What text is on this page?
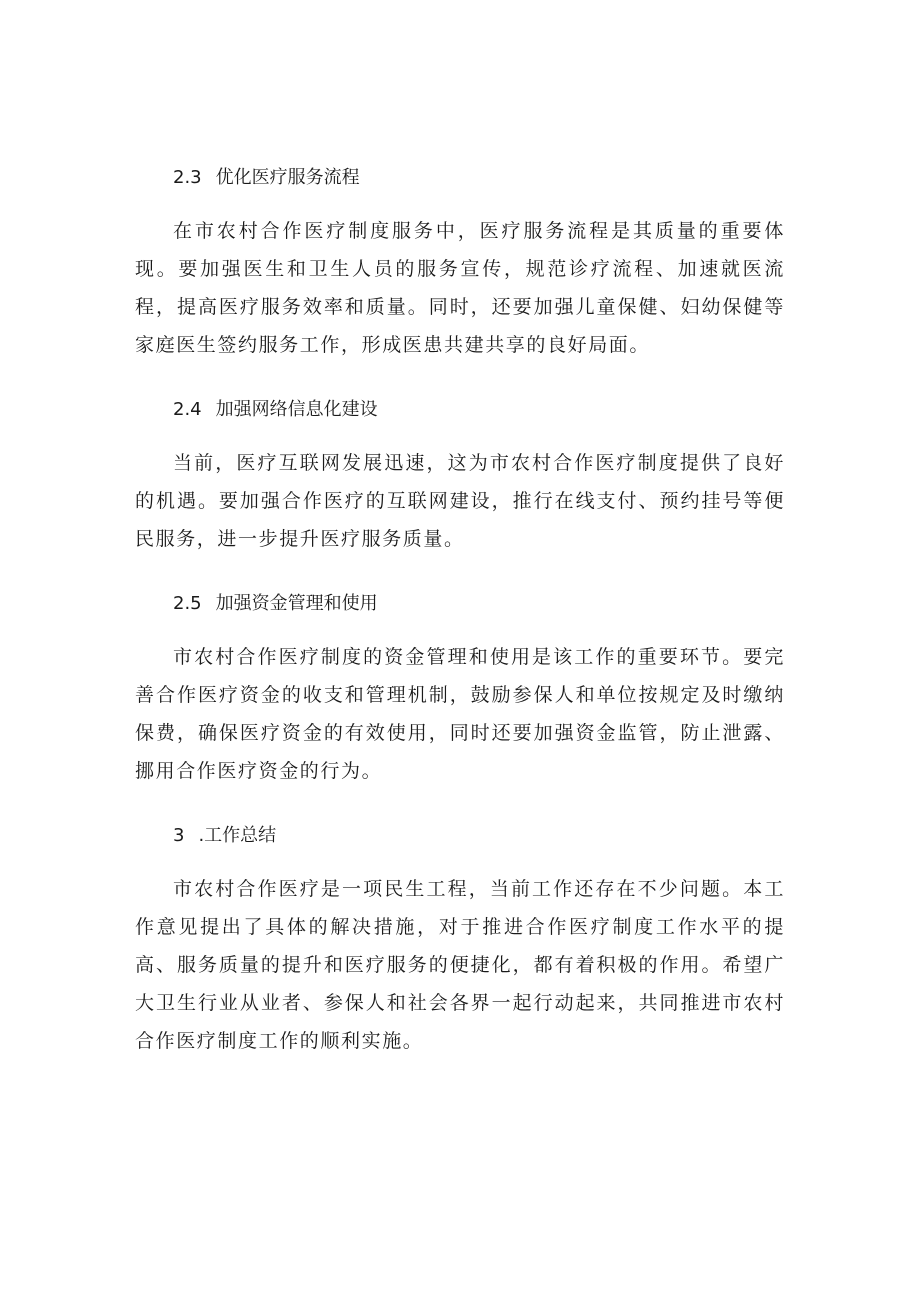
2.3 优化医疗服务流程

在市农村合作医疗制度服务中，医疗服务流程是其质量的重要体现。要加强医生和卫生人员的服务宣传，规范诊疗流程、加速就医流程，提高医疗服务效率和质量。同时，还要加强儿童保健、妇幼保健等家庭医生签约服务工作，形成医患共建共享的良好局面。

2.4 加强网络信息化建设

当前，医疗互联网发展迅速，这为市农村合作医疗制度提供了良好的机遇。要加强合作医疗的互联网建设，推行在线支付、预约挂号等便民服务，进一步提升医疗服务质量。

2.5 加强资金管理和使用

市农村合作医疗制度的资金管理和使用是该工作的重要环节。要完善合作医疗资金的收支和管理机制，鼓励参保人和单位按规定及时缴纳保费，确保医疗资金的有效使用，同时还要加强资金监管，防止泄露、挪用合作医疗资金的行为。

3 .工作总结

市农村合作医疗是一项民生工程，当前工作还存在不少问题。本工作意见提出了具体的解决措施，对于推进合作医疗制度工作水平的提高、服务质量的提升和医疗服务的便捷化，都有着积极的作用。希望广大卫生行业从业者、参保人和社会各界一起行动起来，共同推进市农村合作医疗制度工作的顺利实施。
